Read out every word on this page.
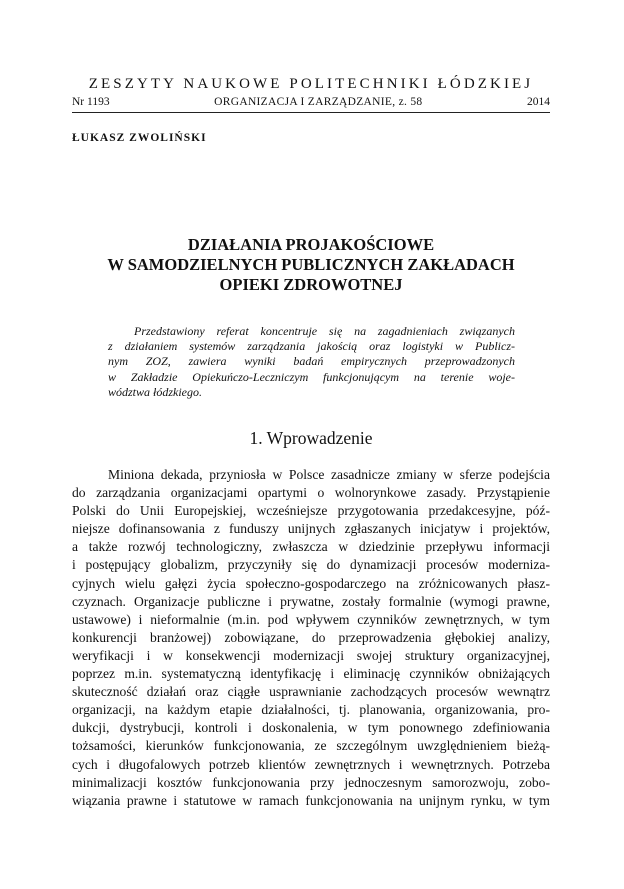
ZESZYTY NAUKOWE POLITECHNIKI ŁÓDZKIEJ
Nr 1193	ORGANIZACJA I ZARZĄDZANIE, z. 58	2014
ŁUKASZ ZWOLIŃSKI
DZIAŁANIA PROJAKOŚCIOWE
W SAMODZIELNYCH PUBLICZNYCH ZAKŁADACH
OPIEKI ZDROWOTNEJ
Przedstawiony referat koncentruje się na zagadnieniach związanych
z działaniem systemów zarządzania jakością oraz logistyki w Publicz-
nym ZOZ, zawiera wyniki badań empirycznych przeprowadzonych
w Zakładzie Opiekuńczo-Leczniczym funkcjonującym na terenie woje-
wództwa łódzkiego.
1. Wprowadzenie
Miniona dekada, przyniosła w Polsce zasadnicze zmiany w sferze podejścia
do zarządzania organizacjami opartymi o wolnorynkowe zasady. Przystąpienie
Polski do Unii Europejskiej, wcześniejsze przygotowania przedakcesyjne, póź-
niejsze dofinansowania z funduszy unijnych zgłaszanych inicjatyw i projektów,
a także rozwój technologiczny, zwłaszcza w dziedzinie przepływu informacji
i postępujący globalizm, przyczyniły się do dynamizacji procesów moderniza-
cyjnych wielu gałęzi życia społeczno-gospodarczego na zróżnicowanych płasz-
czyznach. Organizacje publiczne i prywatne, zostały formalnie (wymogi prawne,
ustawowe) i nieformalnie (m.in. pod wpływem czynników zewnętrznych, w tym
konkurencji branżowej) zobowiązane, do przeprowadzenia głębokiej analizy,
weryfikacji i w konsekwencji modernizacji swojej struktury organizacyjnej,
poprzez m.in. systematyczną identyfikację i eliminację czynników obniżających
skuteczność działań oraz ciągłe usprawnianie zachodzących procesów wewnątrz
organizacji, na każdym etapie działalności, tj. planowania, organizowania, pro-
dukcji, dystrybucji, kontroli i doskonalenia, w tym ponownego zdefiniowania
tożsamości, kierunków funkcjonowania, ze szczególnym uwzględnieniem bieżą-
cych i długofalowych potrzeb klientów zewnętrznych i wewnętrznych. Potrzeba
minimalizacji kosztów funkcjonowania przy jednoczesnym samorozwoju, zobo-
wiązania prawne i statutowe w ramach funkcjonowania na unijnym rynku, w tym
